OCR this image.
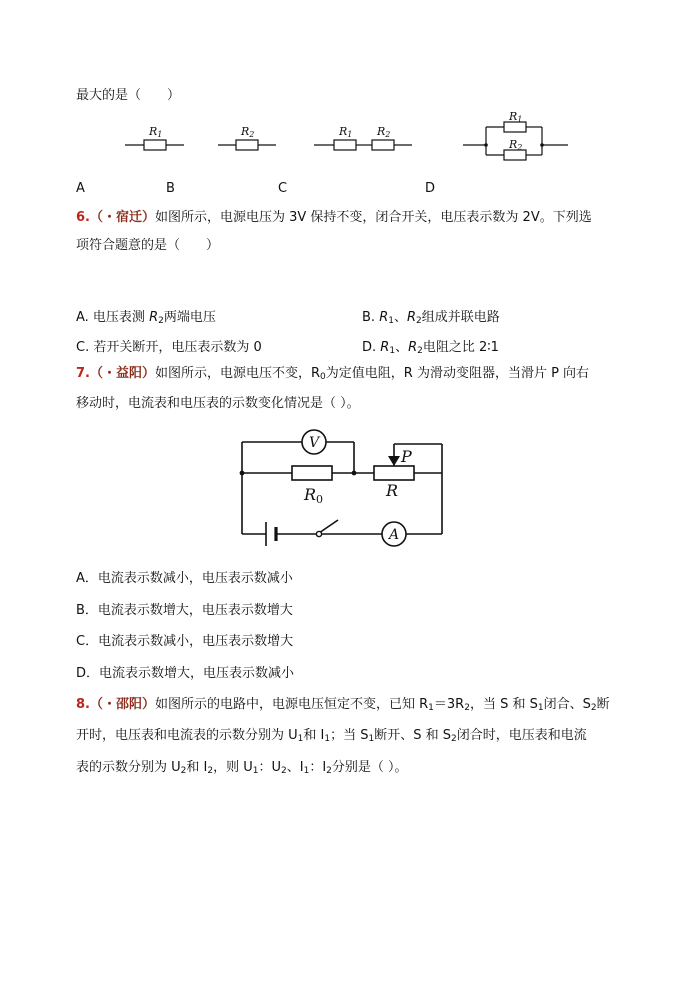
最大的是（　　）
R1	R2	R1 R2
R1
R2
A	B	C	D
6.（・宿迁）如图所示，电源电压为 3V 保持不变，闭合开关，电压表示数为 2V。下列选
项符合题意的是（　　）
A. 电压表测 $R_2$两端电压	B. $R_1$、$R_2$组成并联电路
C. 若开关断开，电压表示数为 0	D. $R_1$、$R_2$电阻之比 2∶1
7.（・益阳）如图所示，电源电压不变，$R_0$为定值电阻，R 为滑动变阻器，当滑片 P 向右
移动时，电流表和电压表的示数变化情况是（ ）。
V
A
R0	R
P
A．电流表示数减小，电压表示数减小
B．电流表示数增大，电压表示数增大
C．电流表示数减小，电压表示数增大
D．电流表示数增大，电压表示数减小
8.（・邵阳）如图所示的电路中，电源电压恒定不变，已知 $R_1=3R_2$，当 S 和 $S_1$闭合、$S_2$断
开时，电压表和电流表的示数分别为 $U_1$和 $I_1$；当 $S_1$断开、S 和 $S_2$闭合时，电压表和电流
表的示数分别为 $U_2$和 $I_2$，则 $U_1$：$U_2$、$I_1$：$I_2$分别是（ ）。
